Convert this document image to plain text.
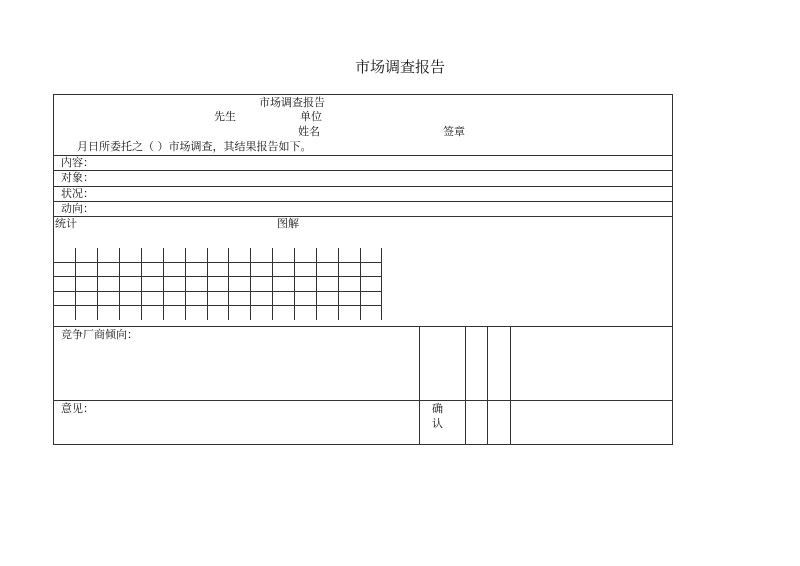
市场调查报告
市场调查报告
先生	单位
姓名	签章
月日所委托之（ ）市场调查，其结果报告如下。
内容：
对象：
状况：
动向：
统计	图解

竞争厂商倾向：
意见：	确
认
